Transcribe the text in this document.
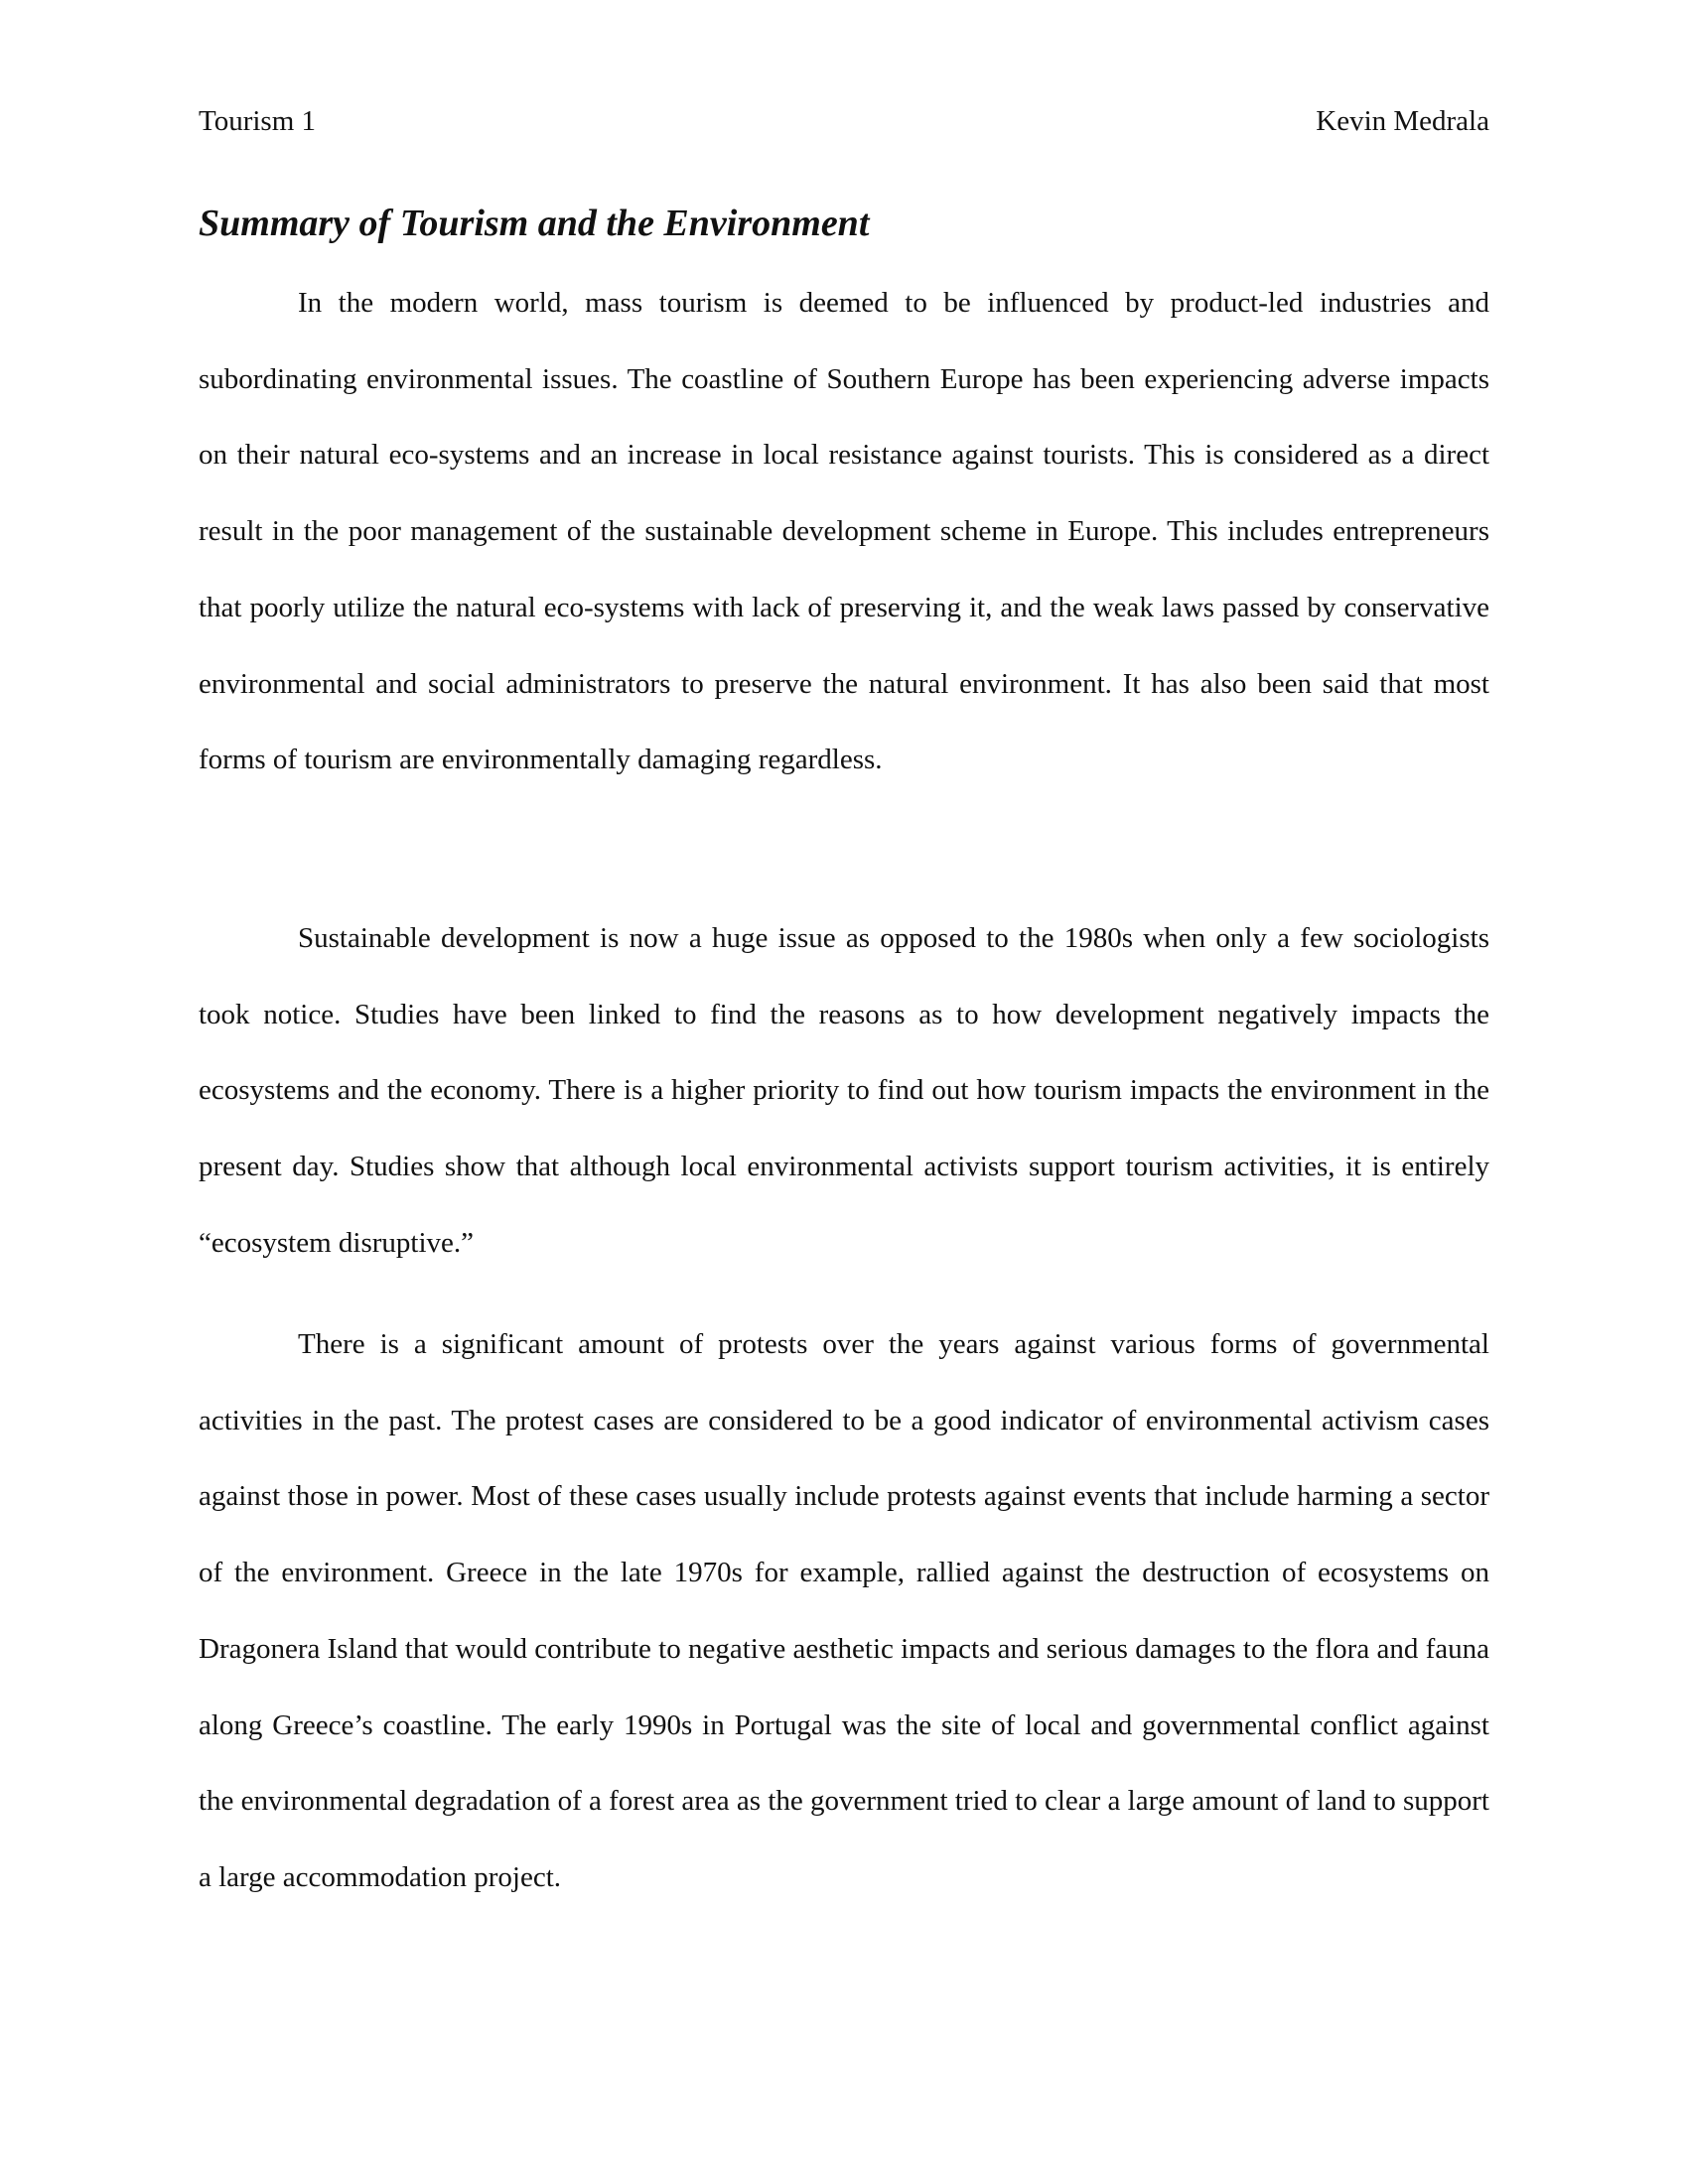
Tourism 1	Kevin Medrala
Summary of Tourism and the Environment

In the modern world, mass tourism is deemed to be influenced by product-led industries and subordinating environmental issues. The coastline of Southern Europe has been experiencing adverse impacts on their natural eco-systems and an increase in local resistance against tourists. This is considered as a direct result in the poor management of the sustainable development scheme in Europe. This includes entrepreneurs that poorly utilize the natural eco-systems with lack of preserving it, and the weak laws passed by conservative environmental and social administrators to preserve the natural environment. It has also been said that most forms of tourism are environmentally damaging regardless.

Sustainable development is now a huge issue as opposed to the 1980s when only a few sociologists took notice. Studies have been linked to find the reasons as to how development negatively impacts the ecosystems and the economy. There is a higher priority to find out how tourism impacts the environment in the present day. Studies show that although local environmental activists support tourism activities, it is entirely “ecosystem disruptive.”

There is a significant amount of protests over the years against various forms of governmental activities in the past. The protest cases are considered to be a good indicator of environmental activism cases against those in power. Most of these cases usually include protests against events that include harming a sector of the environment. Greece in the late 1970s for example, rallied against the destruction of ecosystems on Dragonera Island that would contribute to negative aesthetic impacts and serious damages to the flora and fauna along Greece’s coastline. The early 1990s in Portugal was the site of local and governmental conflict against the environmental degradation of a forest area as the government tried to clear a large amount of land to support a large accommodation project.
